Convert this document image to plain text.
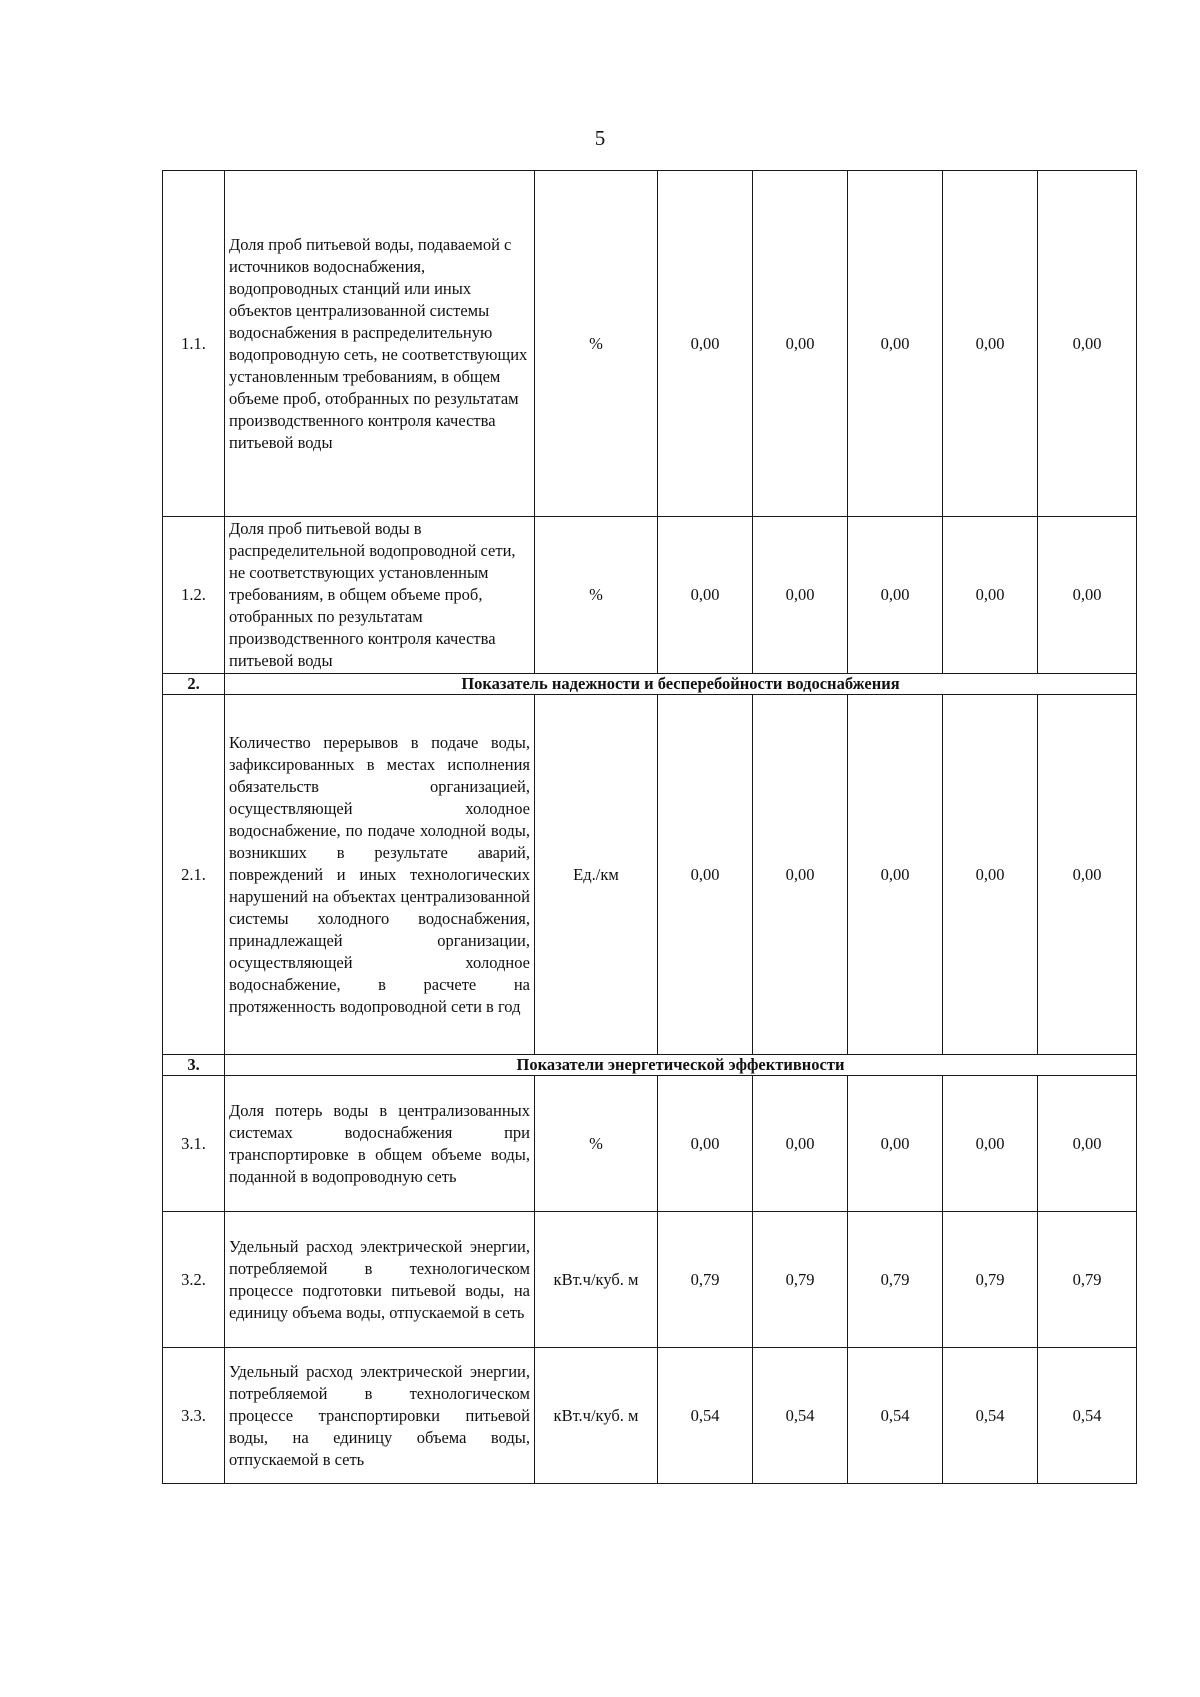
5
1.1.	Доля проб питьевой воды, подаваемой с источников водоснабжения, водопроводных станций или иных объектов централизованной системы водоснабжения в распределительную водопроводную сеть, не соответствующих установленным требованиям, в общем объеме проб, отобранных по результатам производственного контроля качества питьевой воды	%	0,00	0,00	0,00	0,00	0,00
1.2.	Доля проб питьевой воды в распределительной водопроводной сети, не соответствующих установленным требованиям, в общем объеме проб, отобранных по результатам производственного контроля качества питьевой воды	%	0,00	0,00	0,00	0,00	0,00
2.	Показатель надежности и бесперебойности водоснабжения						
2.1.	Количество перерывов в подаче воды, зафиксированных в местах исполнения обязательств организацией, осуществляющей холодное водоснабжение, по подаче холодной воды, возникших в результате аварий, повреждений и иных технологических нарушений на объектах централизованной системы холодного водоснабжения, принадлежащей организации, осуществляющей холодное водоснабжение, в расчете на протяженность водопроводной сети в год	Ед./км	0,00	0,00	0,00	0,00	0,00
3.	Показатели энергетической эффективности						
3.1.	Доля потерь воды в централизованных системах водоснабжения при транспортировке в общем объеме воды, поданной в водопроводную сеть	%	0,00	0,00	0,00	0,00	0,00
3.2.	Удельный расход электрической энергии, потребляемой в технологическом процессе подготовки питьевой воды, на единицу объема воды, отпускаемой в сеть	кВт.ч/куб. м	0,79	0,79	0,79	0,79	0,79
3.3.	Удельный расход электрической энергии, потребляемой в технологическом процессе транспортировки питьевой воды, на единицу объема воды, отпускаемой в сеть	кВт.ч/куб. м	0,54	0,54	0,54	0,54	0,54
